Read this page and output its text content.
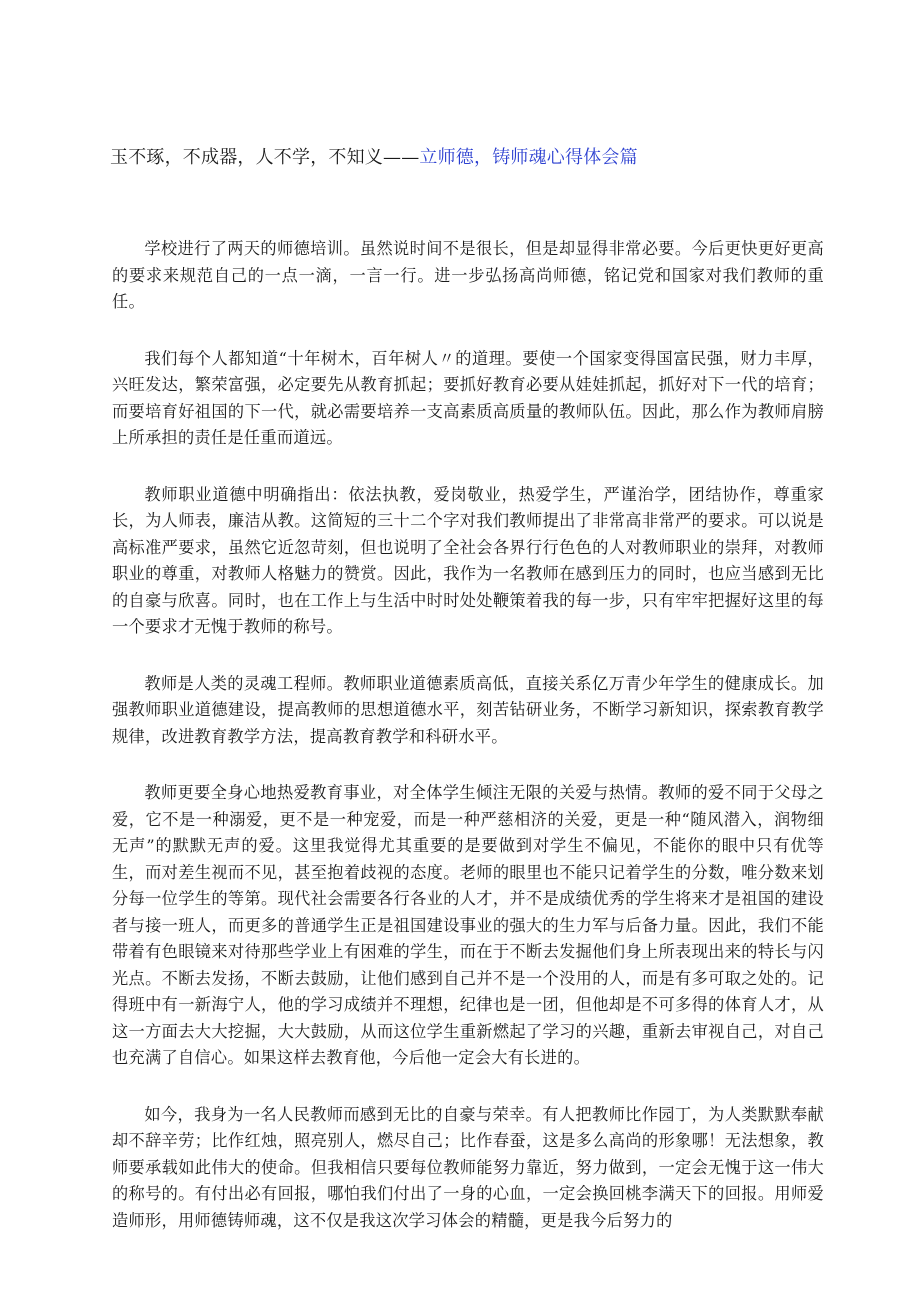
玉不琢，不成器，人不学，不知义——立师德，铸师魂心得体会篇

学校进行了两天的师德培训。虽然说时间不是很长，但是却显得非常必要。今后更快更好更高的要求来规范自己的一点一滴，一言一行。进一步弘扬高尚师德，铭记党和国家对我们教师的重任。

我们每个人都知道“十年树木，百年树人〃的道理。要使一个国家变得国富民强，财力丰厚，兴旺发达，繁荣富强，必定要先从教育抓起；要抓好教育必要从娃娃抓起，抓好对下一代的培育；而要培育好祖国的下一代，就必需要培养一支高素质高质量的教师队伍。因此，那么作为教师肩膀上所承担的责任是任重而道远。

教师职业道德中明确指出：依法执教，爱岗敬业，热爱学生，严谨治学，团结协作，尊重家长，为人师表，廉洁从教。这简短的三十二个字对我们教师提出了非常高非常严的要求。可以说是高标准严要求，虽然它近忽苛刻，但也说明了全社会各界行行色色的人对教师职业的崇拜，对教师职业的尊重，对教师人格魅力的赞赏。因此，我作为一名教师在感到压力的同时，也应当感到无比的自豪与欣喜。同时，也在工作上与生活中时时处处鞭策着我的每一步，只有牢牢把握好这里的每一个要求才无愧于教师的称号。

教师是人类的灵魂工程师。教师职业道德素质高低，直接关系亿万青少年学生的健康成长。加强教师职业道德建设，提高教师的思想道德水平，刻苦钻研业务，不断学习新知识，探索教育教学规律，改进教育教学方法，提高教育教学和科研水平。

教师更要全身心地热爱教育事业，对全体学生倾注无限的关爱与热情。教师的爱不同于父母之爱，它不是一种溺爱，更不是一种宠爱，而是一种严慈相济的关爱，更是一种“随风潜入，润物细无声”的默默无声的爱。这里我觉得尤其重要的是要做到对学生不偏见，不能你的眼中只有优等生，而对差生视而不见，甚至抱着歧视的态度。老师的眼里也不能只记着学生的分数，唯分数来划分每一位学生的等第。现代社会需要各行各业的人才，并不是成绩优秀的学生将来才是祖国的建设者与接一班人，而更多的普通学生正是祖国建设事业的强大的生力军与后备力量。因此，我们不能带着有色眼镜来对待那些学业上有困难的学生，而在于不断去发掘他们身上所表现出来的特长与闪光点。不断去发扬，不断去鼓励，让他们感到自己并不是一个没用的人，而是有多可取之处的。记得班中有一新海宁人，他的学习成绩并不理想，纪律也是一团，但他却是不可多得的体育人才，从这一方面去大大挖掘，大大鼓励，从而这位学生重新燃起了学习的兴趣，重新去审视自己，对自己也充满了自信心。如果这样去教育他，今后他一定会大有长进的。

如今，我身为一名人民教师而感到无比的自豪与荣幸。有人把教师比作园丁，为人类默默奉献却不辞辛劳；比作红烛，照亮别人，燃尽自己；比作春蚕，这是多么高尚的形象哪！无法想象，教师要承载如此伟大的使命。但我相信只要每位教师能努力靠近，努力做到，一定会无愧于这一伟大的称号的。有付出必有回报，哪怕我们付出了一身的心血，一定会换回桃李满天下的回报。用师爱造师形，用师德铸师魂，这不仅是我这次学习体会的精髓，更是我今后努力的
